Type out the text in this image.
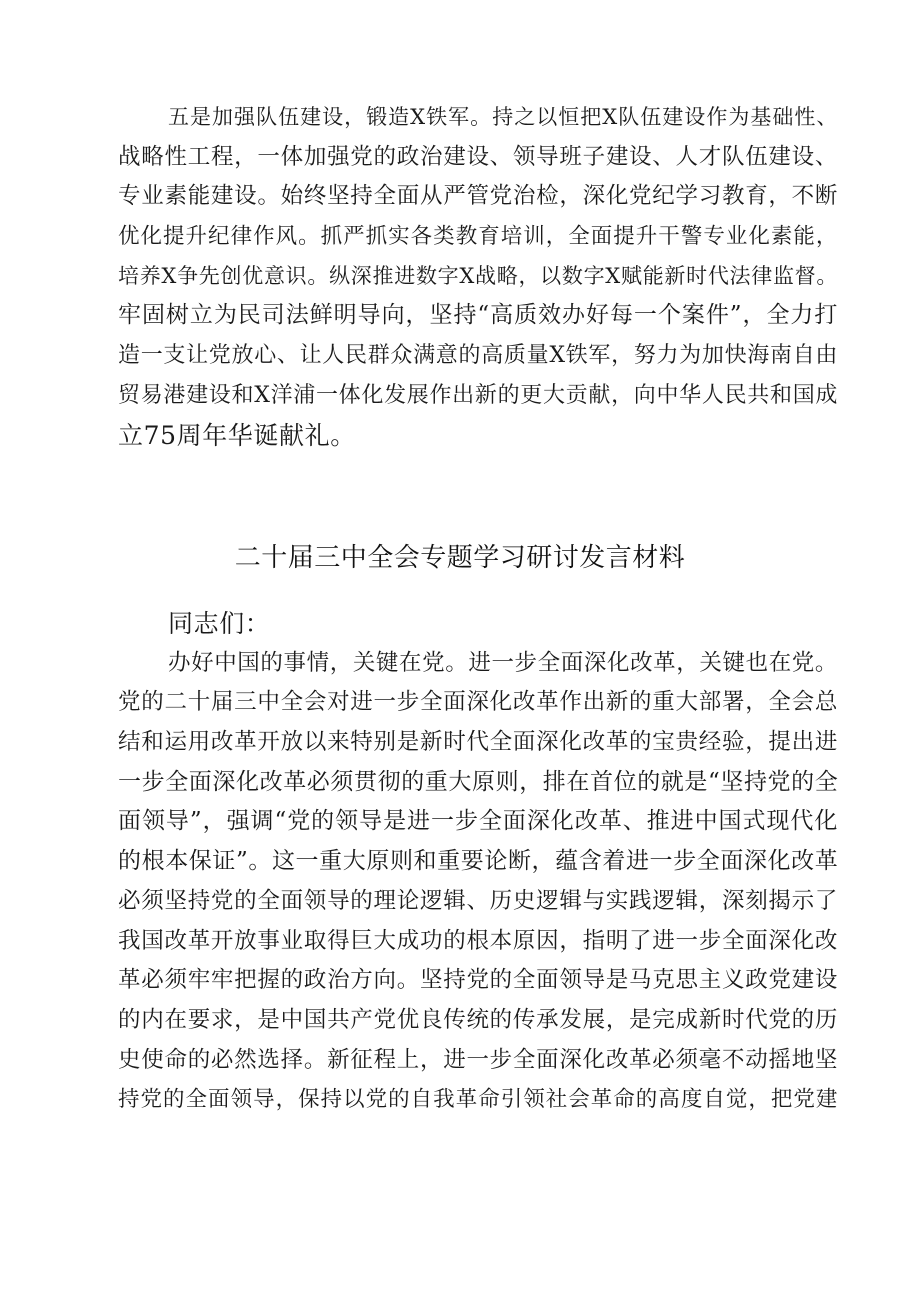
五是加强队伍建设，锻造X铁军。持之以恒把X队伍建设作为基础性、
战略性工程，一体加强党的政治建设、领导班子建设、人才队伍建设、
专业素能建设。始终坚持全面从严管党治检，深化党纪学习教育，不断
优化提升纪律作风。抓严抓实各类教育培训，全面提升干警专业化素能，
培养X争先创优意识。纵深推进数字X战略，以数字X赋能新时代法律监督。
牢固树立为民司法鲜明导向，坚持“高质效办好每一个案件”，全力打
造一支让党放心、让人民群众满意的高质量X铁军，努力为加快海南自由
贸易港建设和X洋浦一体化发展作出新的更大贡献，向中华人民共和国成
立75周年华诞献礼。
二十届三中全会专题学习研讨发言材料
同志们：
办好中国的事情，关键在党。进一步全面深化改革，关键也在党。
党的二十届三中全会对进一步全面深化改革作出新的重大部署，全会总
结和运用改革开放以来特别是新时代全面深化改革的宝贵经验，提出进
一步全面深化改革必须贯彻的重大原则，排在首位的就是“坚持党的全
面领导”，强调“党的领导是进一步全面深化改革、推进中国式现代化
的根本保证”。这一重大原则和重要论断，蕴含着进一步全面深化改革
必须坚持党的全面领导的理论逻辑、历史逻辑与实践逻辑，深刻揭示了
我国改革开放事业取得巨大成功的根本原因，指明了进一步全面深化改
革必须牢牢把握的政治方向。坚持党的全面领导是马克思主义政党建设
的内在要求，是中国共产党优良传统的传承发展，是完成新时代党的历
史使命的必然选择。新征程上，进一步全面深化改革必须毫不动摇地坚
持党的全面领导，保持以党的自我革命引领社会革命的高度自觉，把党建
